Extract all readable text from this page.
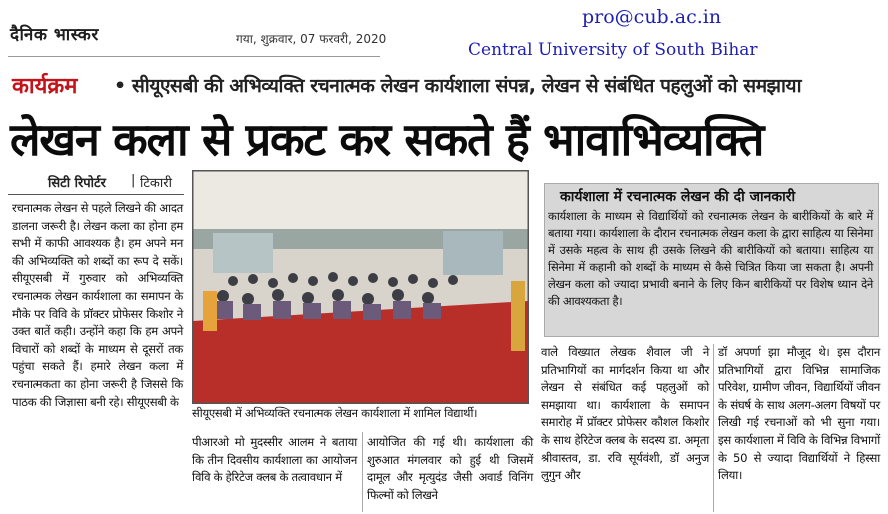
दैनिक भास्कर	गया, शुक्रवार, 07 फरवरी, 2020
pro@cub.ac.in
Central University of South Bihar
कार्यक्रम • सीयूएसबी की अभिव्यक्ति रचनात्मक लेखन कार्यशाला संपन्न, लेखन से संबंधित पहलुओं को समझाया
लेखन कला से प्रकट कर सकते हैं भावाभिव्यक्ति
सिटी रिपोर्टर | टिकारी
रचनात्मक लेखन से पहले लिखने की आदत डालना जरूरी है। लेखन कला का होना हम सभी में काफी आवश्यक है। हम अपने मन की अभिव्यक्ति को शब्दों का रूप दे सकें। सीयूएसबी में गुरुवार को अभिव्यक्ति रचनात्मक लेखन कार्यशाला का समापन के मौके पर विवि के प्रॉक्टर प्रोफेसर किशोर ने उक्त बातें कही। उन्होंने कहा कि हम अपने विचारों को शब्दों के माध्यम से दूसरों तक पहुंचा सकते हैं। हमारे लेखन कला में रचनात्मकता का होना जरूरी है जिससे कि पाठक की जिज्ञासा बनी रहे। सीयूएसबी के
सीयूएसबी में अभिव्यक्ति रचनात्मक लेखन कार्यशाला में शामिल विद्यार्थी।
पीआरओ मो मुदस्सीर आलम ने बताया कि तीन दिवसीय कार्यशाला का आयोजन विवि के हेरिटेज क्लब के तत्वावधान में
आयोजित की गई थी। कार्यशाला की शुरुआत मंगलवार को हुई थी जिसमें दामूल और मृत्युदंड जैसी अवार्ड विनिंग फिल्मों को लिखने
कार्यशाला में रचनात्मक लेखन की दी जानकारी
कार्यशाला के माध्यम से विद्यार्थियों को रचनात्मक लेखन के बारीकियों के बारे में बताया गया। कार्यशाला के दौरान रचनात्मक लेखन कला के द्वारा साहित्य या सिनेमा में उसके महत्व के साथ ही उसके लिखने की बारीकियों को बताया। साहित्य या सिनेमा में कहानी को शब्दों के माध्यम से कैसे चित्रित किया जा सकता है। अपनी लेखन कला को ज्यादा प्रभावी बनाने के लिए किन बारीकियों पर विशेष ध्यान देने की आवश्यकता है।
वाले विख्यात लेखक शैवाल जी ने प्रतिभागियों का मार्गदर्शन किया था और लेखन से संबंधित कई पहलुओं को समझाया था। कार्यशाला के समापन समारोह में प्रॉक्टर प्रोफेसर कौशल किशोर के साथ हेरिटेज क्लब के सदस्य डा. अमृता श्रीवास्तव, डा. रवि सूर्यवंशी, डॉ अनुज लुगुन और
डॉ अपर्णा झा मौजूद थे। इस दौरान प्रतिभागियों द्वारा विभिन्न सामाजिक परिवेश, ग्रामीण जीवन, विद्यार्थियों जीवन के संघर्ष के साथ अलग-अलग विषयों पर लिखी गई रचनाओं को भी सुना गया। इस कार्यशाला में विवि के विभिन्न विभागों के 50 से ज्यादा विद्यार्थियों ने हिस्सा लिया।
